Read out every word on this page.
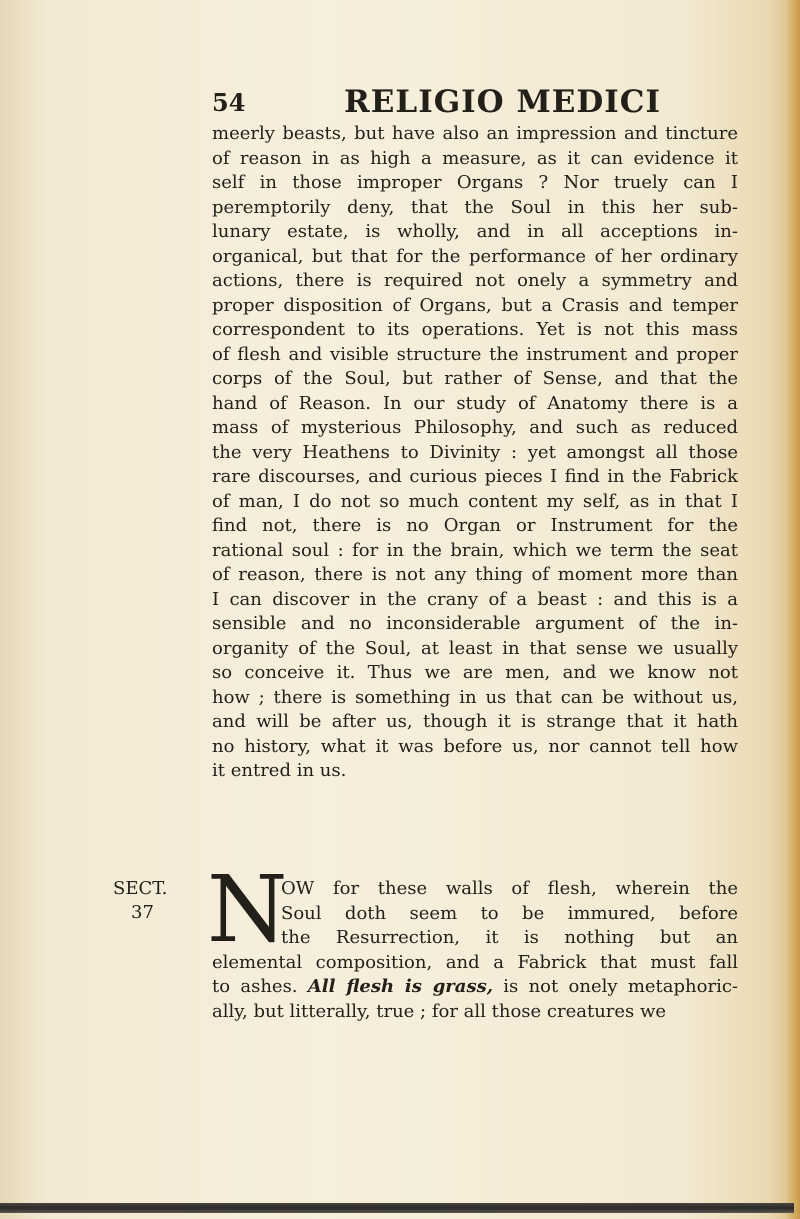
54	RELIGIO MEDICI
meerly beasts, but have also an impression and tincture
of reason in as high a measure, as it can evidence it
self in those improper Organs ? Nor truely can I
peremptorily deny, that the Soul in this her sub-
lunary estate, is wholly, and in all acceptions in-
organical, but that for the performance of her ordinary
actions, there is required not onely a symmetry and
proper disposition of Organs, but a Crasis and temper
correspondent to its operations. Yet is not this mass
of flesh and visible structure the instrument and proper
corps of the Soul, but rather of Sense, and that the
hand of Reason. In our study of Anatomy there is a
mass of mysterious Philosophy, and such as reduced
the very Heathens to Divinity : yet amongst all those
rare discourses, and curious pieces I find in the Fabrick
of man, I do not so much content my self, as in that I
find not, there is no Organ or Instrument for the
rational soul : for in the brain, which we term the seat
of reason, there is not any thing of moment more than
I can discover in the crany of a beast : and this is a
sensible and no inconsiderable argument of the in-
organity of the Soul, at least in that sense we usually
so conceive it. Thus we are men, and we know not
how ; there is something in us that can be without us,
and will be after us, though it is strange that it hath
no history, what it was before us, nor cannot tell how
it entred in us.
SECT.
37 N
OW for these walls of flesh, wherein the
Soul doth seem to be immured, before
the Resurrection, it is nothing but an
elemental composition, and a Fabrick that must fall
to ashes. All flesh is grass, is not onely metaphoric-
ally, but litterally, true ; for all those creatures we
